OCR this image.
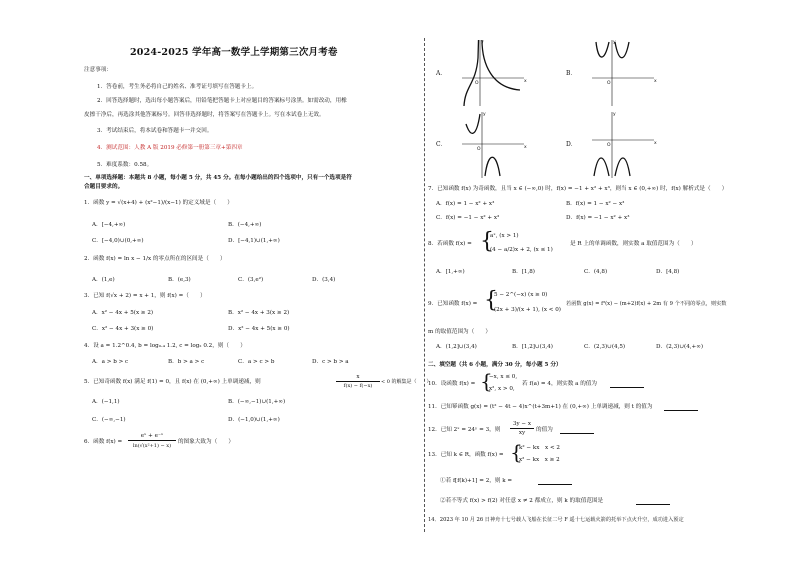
2024-2025 学年高一数学上学期第三次月考卷
注意事项：
1．答卷前，考生务必将自己的姓名、准考证号填写在答题卡上。
2．回答选择题时，选出每小题答案后，用铅笔把答题卡上对应题目的答案标号涂黑。如需改动，用橡
皮擦干净后，再选涂其他答案标号。回答非选择题时，将答案写在答题卡上。写在本试卷上无效。
3．考试结束后，将本试卷和答题卡一并交回。
4．测试范围：人教 A 版 2019 必修第一册第三章+第四章
5．难度系数：0.58。
一、单项选择题：本题共 8 小题，每小题 5 分，共 45 分。在每小题给出的四个选项中，只有一个选项是符
合题目要求的。
1．函数 y = √(x+4) + (x²−1)/(x−1) 的定义域是（　　）
A．[−4,+∞)	B．(−4,+∞)
C．[−4,0)∪(0,+∞)	D．[−4,1)∪(1,+∞)
2．函数 f(x) = ln x − 1/x 的零点所在的区间是（　　）
A．(1,e)	B．(e,3)	C．(3,e²)	D．(3,4)
3．已知 f(√x + 2) = x + 1，则 f(x) =（　　）
A．x² − 4x + 5(x ≥ 2)	B．x² − 4x + 3(x ≥ 2)
C．x² − 4x + 3(x ≥ 0)	D．x² − 4x + 5(x ≥ 0)
4．设 a = 1.2^0.4, b = log₀.₄ 1.2, c = log₂ 0.2，则（　　）
A．a > b > c	B．b > a > c	C．a > c > b	D．c > b > a
5．已知奇函数 f(x) 满足 f(1) = 0，且 f(x) 在 (0,+∞) 上单调递减，则
x
f(x) − f(−x)
< 0 的解集是（　　）
A．(−1,1)	B．(−∞,−1)∪(1,+∞)
C．(−∞,−1)	D．(−1,0)∪(1,+∞)
6．函数 f(x) =
eˣ + e⁻ˣ
ln(√(x²+1) − x)
的图象大致为（　　）
A．
x
y
O
B．
x
y
O
C．	x
y
O
D．	x
y
O
7．已知函数 f(x) 为奇函数，且当 x ∈ (−∞,0) 时，f(x) = −1 + x² + x³，则当 x ∈ (0,+∞) 时，f(x) 解析式是（　　）
A．f(x) = 1 − x² + x³	B．f(x) = 1 − x² − x³
C．f(x) = −1 − x² + x³	D．f(x) = −1 − x² + x³
8．若函数 f(x) = {
aˣ, (x > 1)
(4 − a/2)x + 2, (x ≤ 1)
是 R 上的单调函数，则实数 a 取值范围为（　　）
A．[1,+∞)	B．[1,8)	C．(4,8)	D．[4,8)
9．已知函数 f(x) = {
5 − 2^(−x) (x ≥ 0)
(2x + 3)/(x + 1), (x < 0)
若函数 g(x) = f²(x) − (m+2)f(x) + 2m 有 9 个不同的零点，则实数
m 的取值范围为（　　）
A．(1,2]∪(3,4)	B．[1,2]∪(3,4)	C．(2,3)∪(4,5)	D．(2,3)∪(4,+∞)
二、填空题（共 6 小题，满分 30 分，每小题 5 分）
10．设函数 f(x) = {
−x, x ≤ 0,
x², x > 0,
若 f(a) = 4，则实数 a 的值为
11．已知幂函数 g(x) = (t² − 4t − 4)x^(t+3m+1) 在 (0,+∞) 上单调递减，则 t 的值为
12．已知 2ˣ = 24ʸ = 3，则
3y − x
xy	的值为
13．已知 k ∈ R，函数 f(x) = {
k² − kx　x < 2
x² − kx　x ≥ 2
①若 f[f(k)+1] = 2，则 k =
②若不等式 f(x) > f(2) 对任意 x ≠ 2 都成立，则 k 的取值范围是
14．2023 年 10 月 26 日神舟十七号载人飞船在长征二号 F 遥十七运载火箭的托举下点火升空，成功进入预定
